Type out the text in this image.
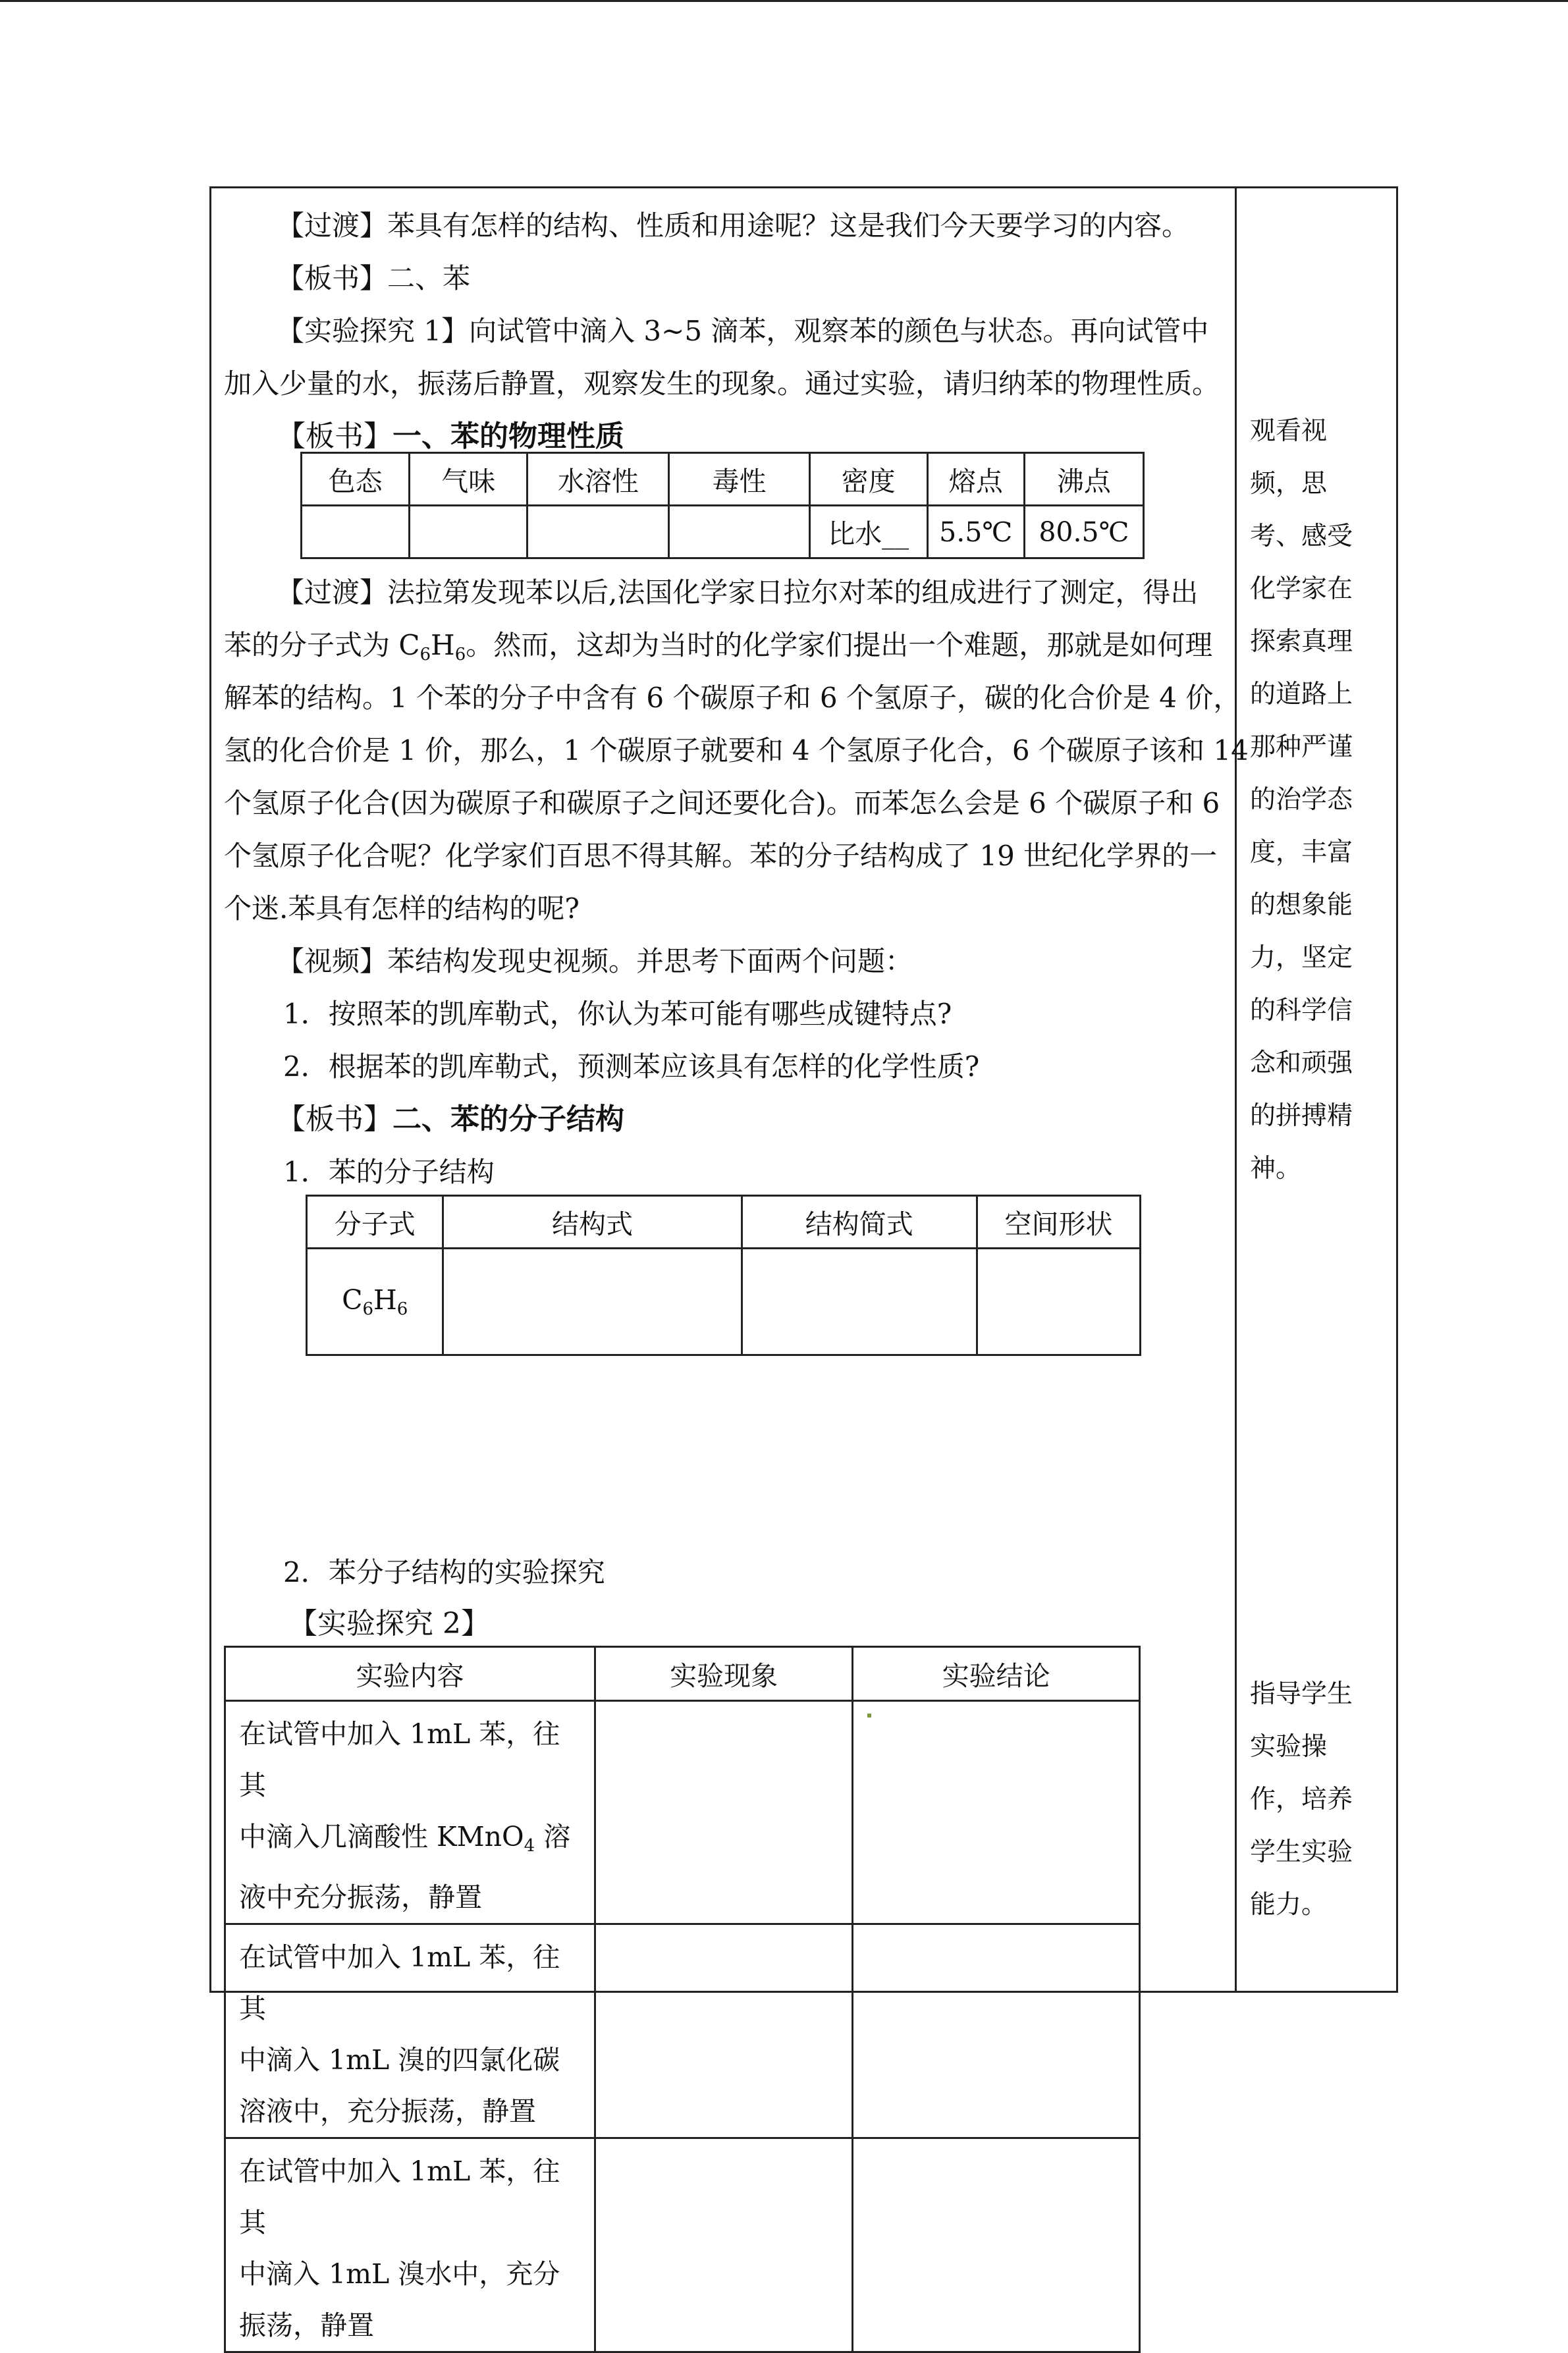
【过渡】苯具有怎样的结构、性质和用途呢？这是我们今天要学习的内容。
【板书】二、苯
【实验探究 1】向试管中滴入 3~5 滴苯，观察苯的颜色与状态。再向试管中
加入少量的水，振荡后静置，观察发生的现象。通过实验，请归纳苯的物理性质。
【板书】一、苯的物理性质
色态	气味	水溶性	毒性	密度	熔点	沸点
				比水__	5.5℃	80.5℃
【过渡】法拉第发现苯以后,法国化学家日拉尔对苯的组成进行了测定，得出
苯的分子式为 $C_6H_6$。然而，这却为当时的化学家们提出一个难题，那就是如何理
解苯的结构。1 个苯的分子中含有 6 个碳原子和 6 个氢原子，碳的化合价是 4 价，
氢的化合价是 1 价，那么，1 个碳原子就要和 4 个氢原子化合，6 个碳原子该和 14
个氢原子化合(因为碳原子和碳原子之间还要化合)。而苯怎么会是 6 个碳原子和 6
个氢原子化合呢？化学家们百思不得其解。苯的分子结构成了 19 世纪化学界的一
个迷.苯具有怎样的结构的呢?
【视频】苯结构发现史视频。并思考下面两个问题：
1．按照苯的凯库勒式，你认为苯可能有哪些成键特点?
2．根据苯的凯库勒式，预测苯应该具有怎样的化学性质?
【板书】二、苯的分子结构
1．苯的分子结构
分子式	结构式	结构简式	空间形状
$C_6H_6$			
2．苯分子结构的实验探究
【实验探究 2】
实验内容	实验现象	实验结论

在试管中加入 1mL 苯，往其
中滴入几滴酸性 KMnO$_4$ 溶
液中充分振荡，静置		

在试管中加入 1mL 苯，往其
中滴入 1mL 溴的四氯化碳
溶液中，充分振荡，静置		

在试管中加入 1mL 苯，往其
中滴入 1mL 溴水中，充分
振荡，静置		

观看视
频，思
考、感受
化学家在
探索真理
的道路上
那种严谨
的治学态
度，丰富
的想象能
力，坚定
的科学信
念和顽强
的拼搏精
神。
指导学生
实验操
作，培养
学生实验
能力。
